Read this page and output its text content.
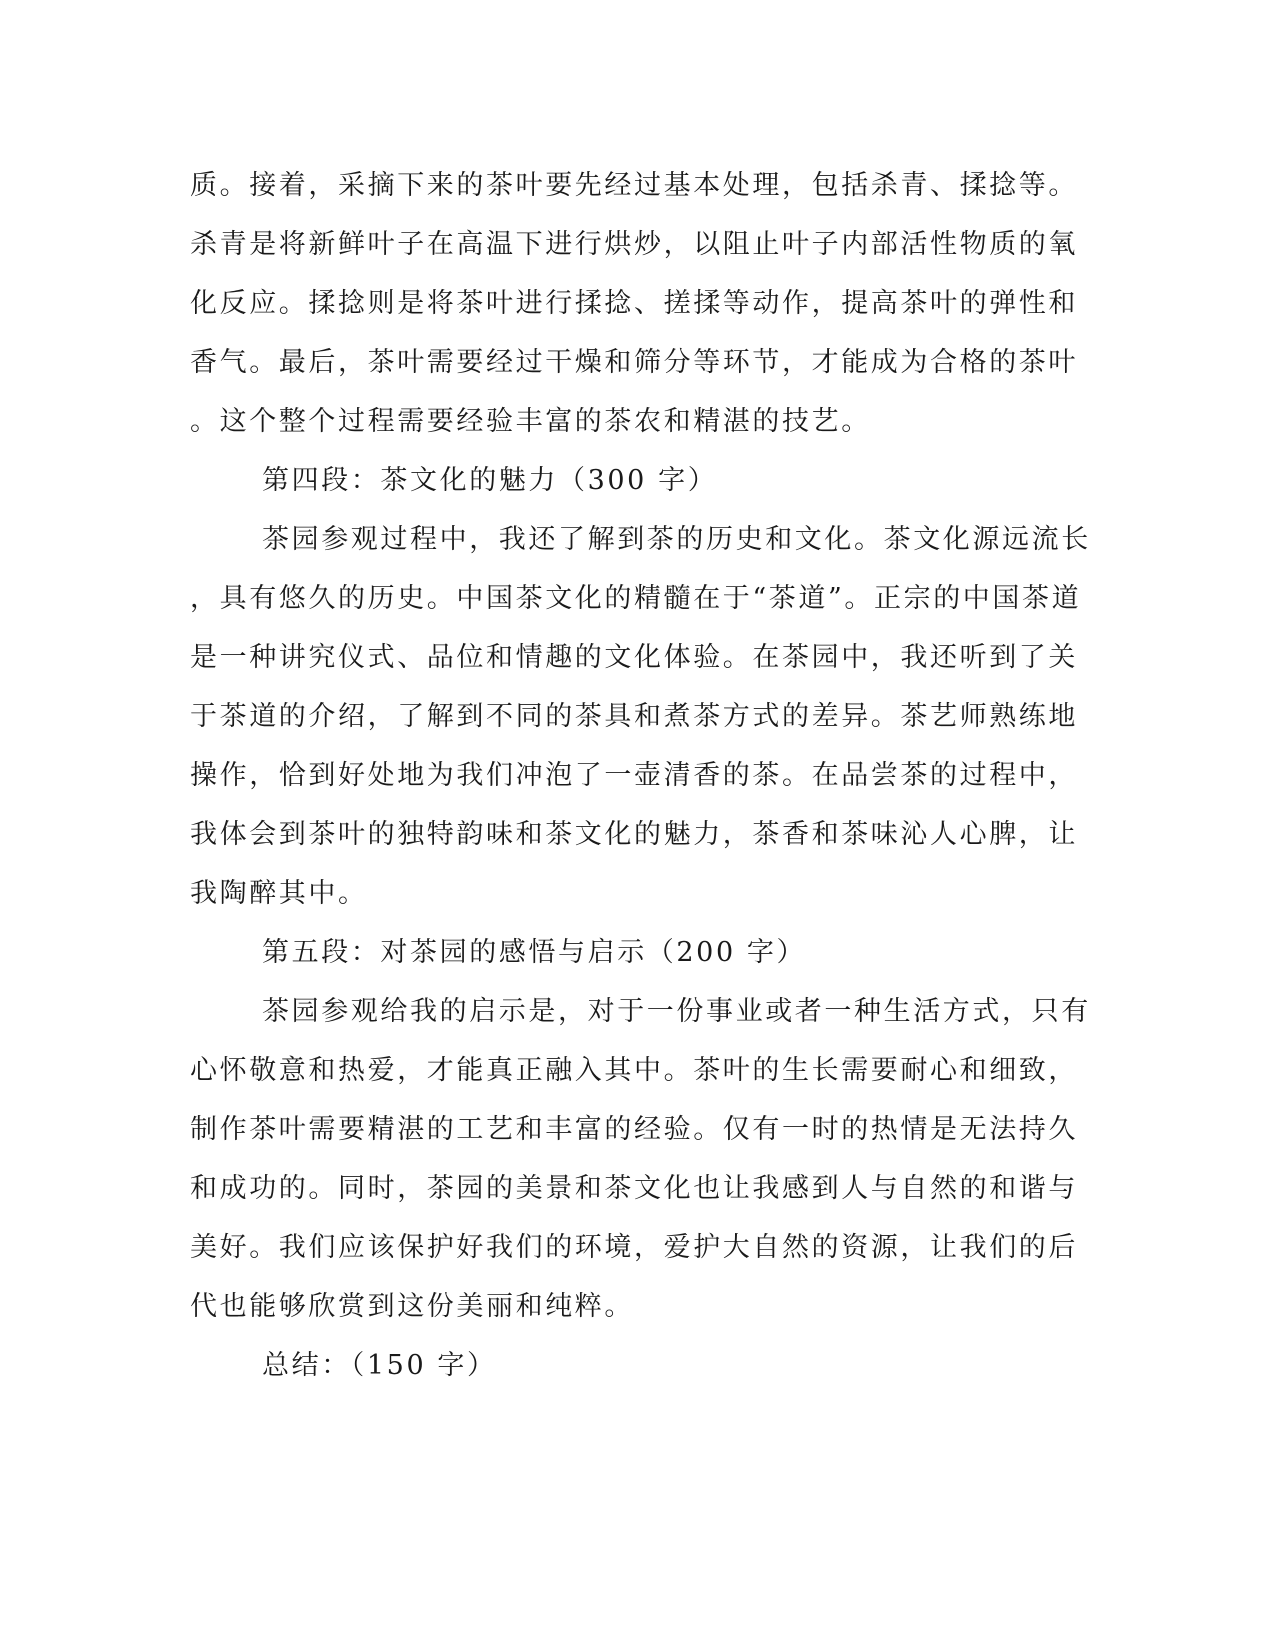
质。接着，采摘下来的茶叶要先经过基本处理，包括杀青、揉捻等。
杀青是将新鲜叶子在高温下进行烘炒，以阻止叶子内部活性物质的氧
化反应。揉捻则是将茶叶进行揉捻、搓揉等动作，提高茶叶的弹性和
香气。最后，茶叶需要经过干燥和筛分等环节，才能成为合格的茶叶
。这个整个过程需要经验丰富的茶农和精湛的技艺。
第四段：茶文化的魅力（300 字）
茶园参观过程中，我还了解到茶的历史和文化。茶文化源远流长
，具有悠久的历史。中国茶文化的精髓在于“茶道”。正宗的中国茶道
是一种讲究仪式、品位和情趣的文化体验。在茶园中，我还听到了关
于茶道的介绍，了解到不同的茶具和煮茶方式的差异。茶艺师熟练地
操作，恰到好处地为我们冲泡了一壶清香的茶。在品尝茶的过程中，
我体会到茶叶的独特韵味和茶文化的魅力，茶香和茶味沁人心脾，让
我陶醉其中。
第五段：对茶园的感悟与启示（200 字）
茶园参观给我的启示是，对于一份事业或者一种生活方式，只有
心怀敬意和热爱，才能真正融入其中。茶叶的生长需要耐心和细致，
制作茶叶需要精湛的工艺和丰富的经验。仅有一时的热情是无法持久
和成功的。同时，茶园的美景和茶文化也让我感到人与自然的和谐与
美好。我们应该保护好我们的环境，爱护大自然的资源，让我们的后
代也能够欣赏到这份美丽和纯粹。
总结：（150 字）
